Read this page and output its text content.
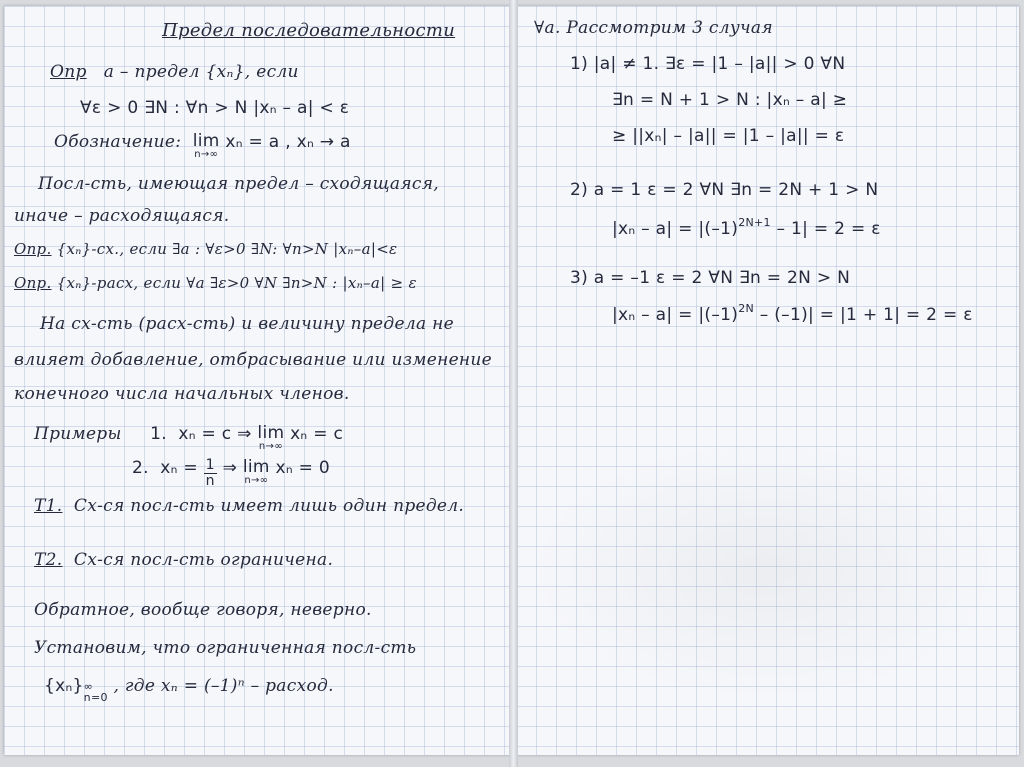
Предел последовательности
Опр a – предел {xₙ}, если
∀ε > 0 ∃N : ∀n > N |xₙ – a| < ε
Обозначение: lim
n→∞
xₙ = a , xₙ → a
Посл-сть, имеющая предел – сходящаяся,
иначе – расходящаяся.
Опр. {xₙ}-сх., если ∃a : ∀ε>0 ∃N: ∀n>N |xₙ–a|<ε
Опр. {xₙ}-расх, если ∀a ∃ε>0 ∀N ∃n>N : |xₙ–a| ≥ ε
На сх-сть (расх-сть) и величину предела не
влияет добавление, отбрасывание или изменение
конечного числа начальных членов.
Примеры 1. xₙ = c ⇒ lim
n→∞
xₙ = c
2. $x_n = \frac{1}{n}$ ⇒ lim
n→∞
xₙ = 0
Т1. Сх-ся посл-сть имеет лишь один предел.
Т2. Сх-ся посл-сть ограничена.
Обратное, вообще говоря, неверно.
Установим, что ограниченная посл-сть
{xₙ} ∞
n=0
, где xₙ = (–1)ⁿ – расход.
∀a. Рассмотрим 3 случая
1) |a| ≠ 1. ∃ε = |1 – |a|| > 0 ∀N
∃n = N + 1 > N : |xₙ – a| ≥
≥ ||xₙ| – |a|| = |1 – |a|| = ε
2) a = 1 ε = 2 ∀N ∃n = 2N + 1 > N
$|x_n - a| = |(-1)^{2N+1} - 1| = 2 = \varepsilon$
3) a = –1 ε = 2 ∀N ∃n = 2N > N
$|x_n - a| = |(-1)^{2N} - (-1)| = |1 + 1| = 2 = \varepsilon$
